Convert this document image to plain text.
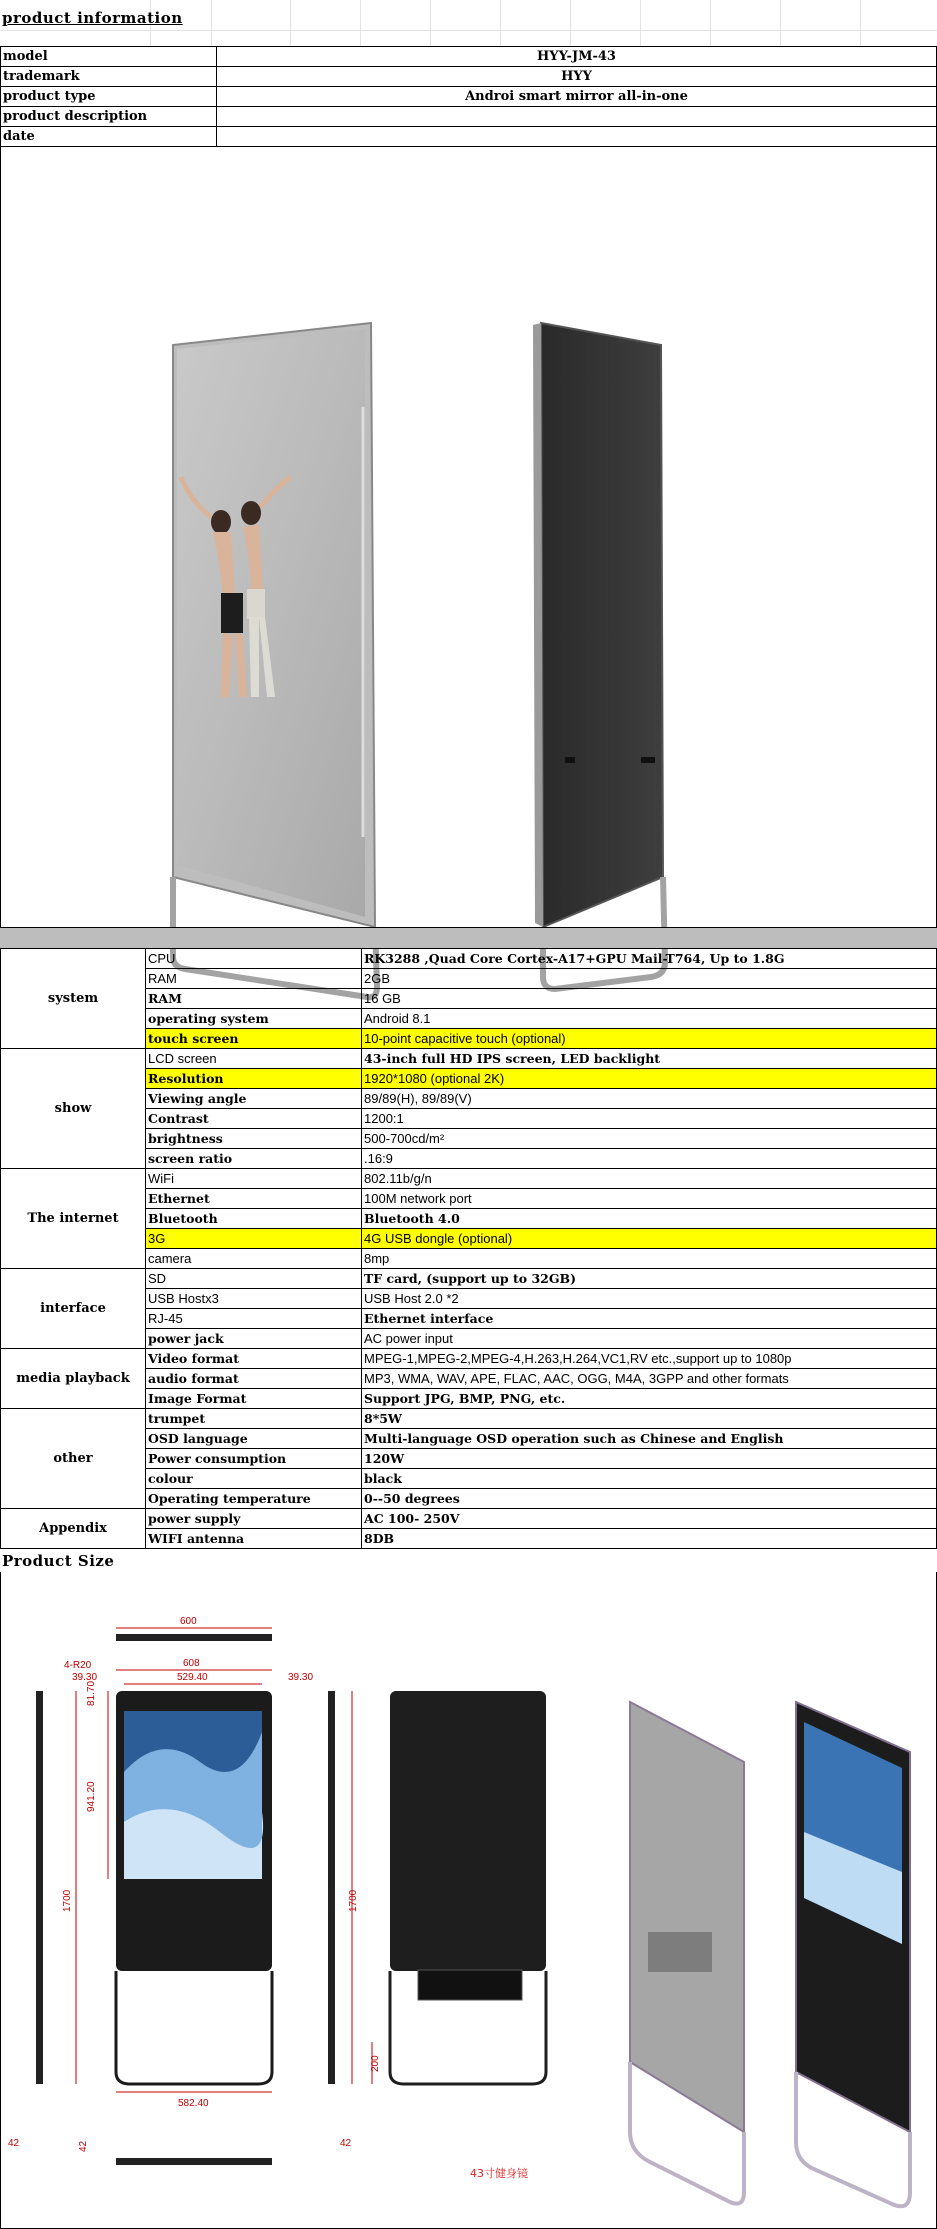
product information
model	HYY-JM-43
trademark	HYY
product type	Androi smart mirror all-in-one
product description	
date	
system	CPU	RK3288 ,Quad Core Cortex-A17+GPU Mail-T764, Up to 1.8G
	RAM	2GB
	RAM	16 GB
	operating system	Android 8.1
	touch screen	10-point capacitive touch (optional)
show	LCD screen	43-inch full HD IPS screen, LED backlight
	Resolution	1920*1080 (optional 2K)
	Viewing angle	89/89(H), 89/89(V)
	Contrast	1200:1
	brightness	500-700cd/m²
	screen ratio	.16:9
The internet	WiFi	802.11b/g/n
	Ethernet	100M network port
	Bluetooth	Bluetooth 4.0
	3G	4G USB dongle (optional)
	camera	8mp
interface	SD	TF card, (support up to 32GB)
	USB Hostx3	USB Host 2.0 *2
	RJ-45	Ethernet interface
	power jack	AC power input
media playback	Video format	MPEG-1,MPEG-2,MPEG-4,H.263,H.264,VC1,RV etc.,support up to 1080p
	audio format	MP3, WMA, WAV, APE, FLAC, AAC, OGG, M4A, 3GPP and other formats
	Image Format	Support JPG, BMP, PNG, etc.
other	trumpet	8*5W
	OSD language	Multi-language OSD operation such as Chinese and English
	Power consumption	120W
	colour	black
	Operating temperature	0--50 degrees
Appendix	power supply	AC 100- 250V
	WIFI antenna	8DB
Product Size
600
608
529.40
39.30	39.30
4-R20
81.70
941.20
1700
582.40
42	42
1700
200
42
43寸健身镜
